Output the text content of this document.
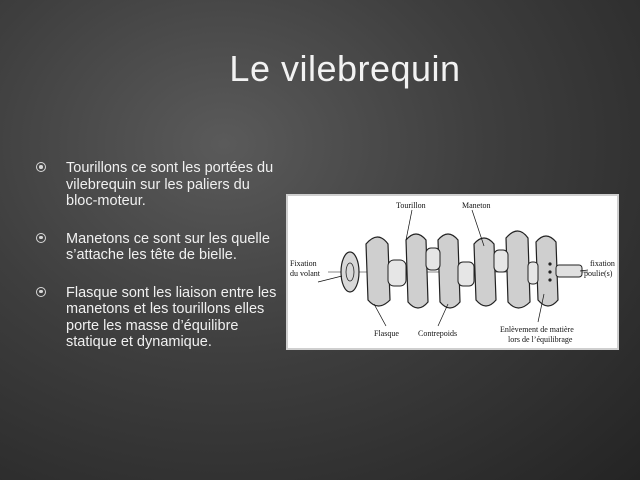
Le vilebrequin
Tourillons ce sont les portées du vilebrequin sur les paliers du bloc-moteur.
Manetons ce sont sur les quelle s’attache les tête de bielle.
Flasque sont les liaison entre les manetons et les tourillons elles porte les masse d’équilibre statique et dynamique.
Tourillon	Maneton
Fixation
du volant
fixation
poulie(s)
Flasque Contrepoids	Enlèvement de matière
lors de l’équilibrage
